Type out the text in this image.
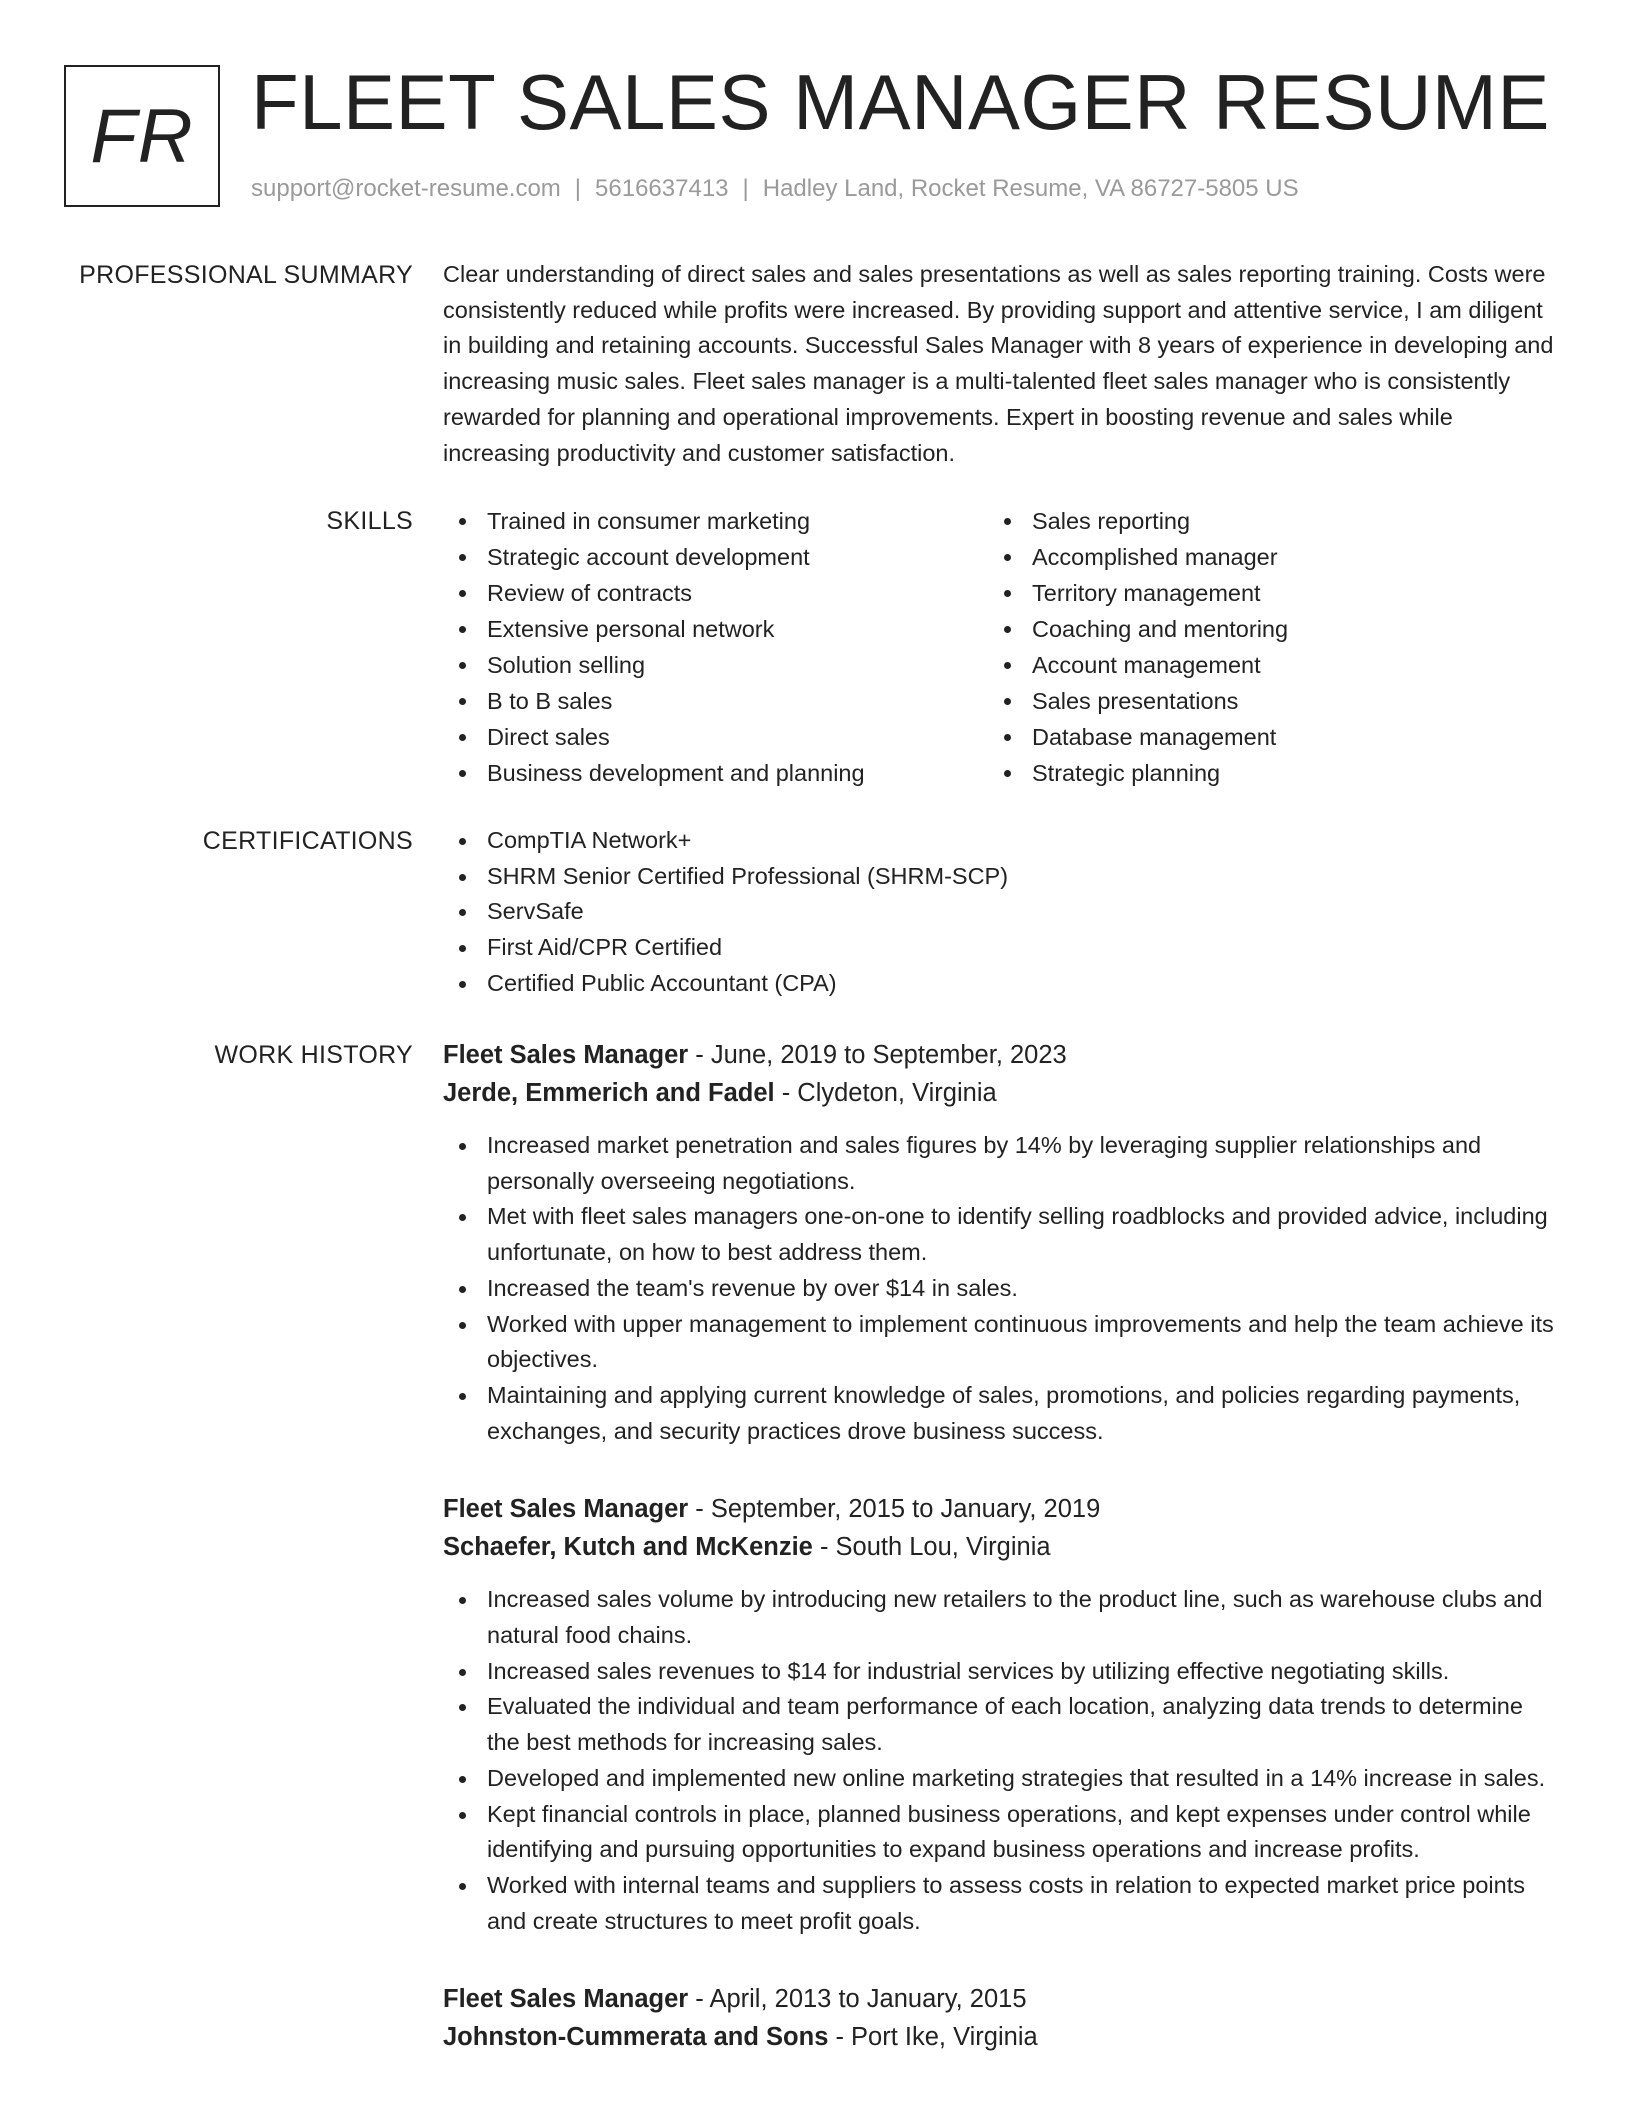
FR FLEET SALES MANAGER RESUME
support@rocket-resume.com | 5616637413 | Hadley Land, Rocket Resume, VA 86727-5805 US
PROFESSIONAL SUMMARY Clear understanding of direct sales and sales presentations as well as sales reporting training. Costs were consistently reduced while profits were increased. By providing support and attentive service, I am diligent in building and retaining accounts. Successful Sales Manager with 8 years of experience in developing and increasing music sales. Fleet sales manager is a multi-talented fleet sales manager who is consistently rewarded for planning and operational improvements. Expert in boosting revenue and sales while increasing productivity and customer satisfaction.

SKILLS	Trained in consumer marketing
Strategic account development
Review of contracts
Extensive personal network
Solution selling
B to B sales
Direct sales
Business development and planning
Sales reporting
Accomplished manager
Territory management
Coaching and mentoring
Account management
Sales presentations
Database management
Strategic planning
CERTIFICATIONS	CompTIA Network+
SHRM Senior Certified Professional (SHRM-SCP)
ServSafe
First Aid/CPR Certified
Certified Public Accountant (CPA)
WORK HISTORY Fleet Sales Manager - June, 2019 to September, 2023
Jerde, Emmerich and Fadel - Clydeton, Virginia
Increased market penetration and sales figures by 14% by leveraging supplier relationships and personally overseeing negotiations.
Met with fleet sales managers one-on-one to identify selling roadblocks and provided advice, including unfortunate, on how to best address them.
Increased the team's revenue by over $14 in sales.
Worked with upper management to implement continuous improvements and help the team achieve its objectives.
Maintaining and applying current knowledge of sales, promotions, and policies regarding payments, exchanges, and security practices drove business success.
Fleet Sales Manager - September, 2015 to January, 2019
Schaefer, Kutch and McKenzie - South Lou, Virginia
Increased sales volume by introducing new retailers to the product line, such as warehouse clubs and natural food chains.
Increased sales revenues to $14 for industrial services by utilizing effective negotiating skills.
Evaluated the individual and team performance of each location, analyzing data trends to determine the best methods for increasing sales.
Developed and implemented new online marketing strategies that resulted in a 14% increase in sales.
Kept financial controls in place, planned business operations, and kept expenses under control while identifying and pursuing opportunities to expand business operations and increase profits.
Worked with internal teams and suppliers to assess costs in relation to expected market price points and create structures to meet profit goals.
Fleet Sales Manager - April, 2013 to January, 2015
Johnston-Cummerata and Sons - Port Ike, Virginia
